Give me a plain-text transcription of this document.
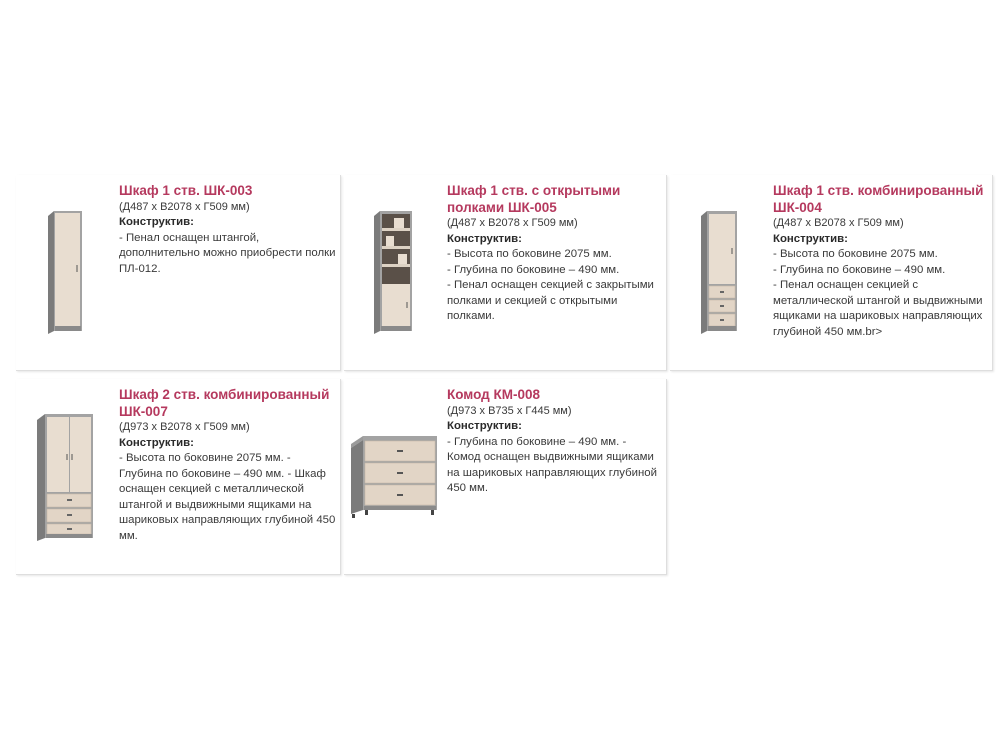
Шкаф 1 ств. ШК-003
(Д487 х В2078 х Г509 мм)
Конструктив:
- Пенал оснащен штангой, дополнительно можно приобрести полки ПЛ-012.
Шкаф 1 ств. с открытыми полками ШК-005
(Д487 х В2078 х Г509 мм)
Конструктив:
- Высота по боковине 2075 мм.
- Глубина по боковине – 490 мм.
- Пенал оснащен секцией с закрытыми полками и секцией с открытыми полками.
Шкаф 1 ств. комбинированный ШК-004
(Д487 х В2078 х Г509 мм)
Конструктив:
- Высота по боковине 2075 мм.
- Глубина по боковине – 490 мм.
- Пенал оснащен секцией с металлической штангой и выдвижными ящиками на шариковых направляющих глубиной 450 мм.br>
Шкаф 2 ств. комбинированный ШК-007
(Д973 х В2078 х Г509 мм)
Конструктив:
- Высота по боковине 2075 мм. - Глубина по боковине – 490 мм. - Шкаф оснащен секцией с металлической штангой и выдвижными ящиками на шариковых направляющих глубиной 450 мм.
Комод КМ-008
(Д973 х В735 х Г445 мм)
Конструктив:
- Глубина по боковине – 490 мм. - Комод оснащен выдвижными ящиками на шариковых направляющих глубиной 450 мм.
